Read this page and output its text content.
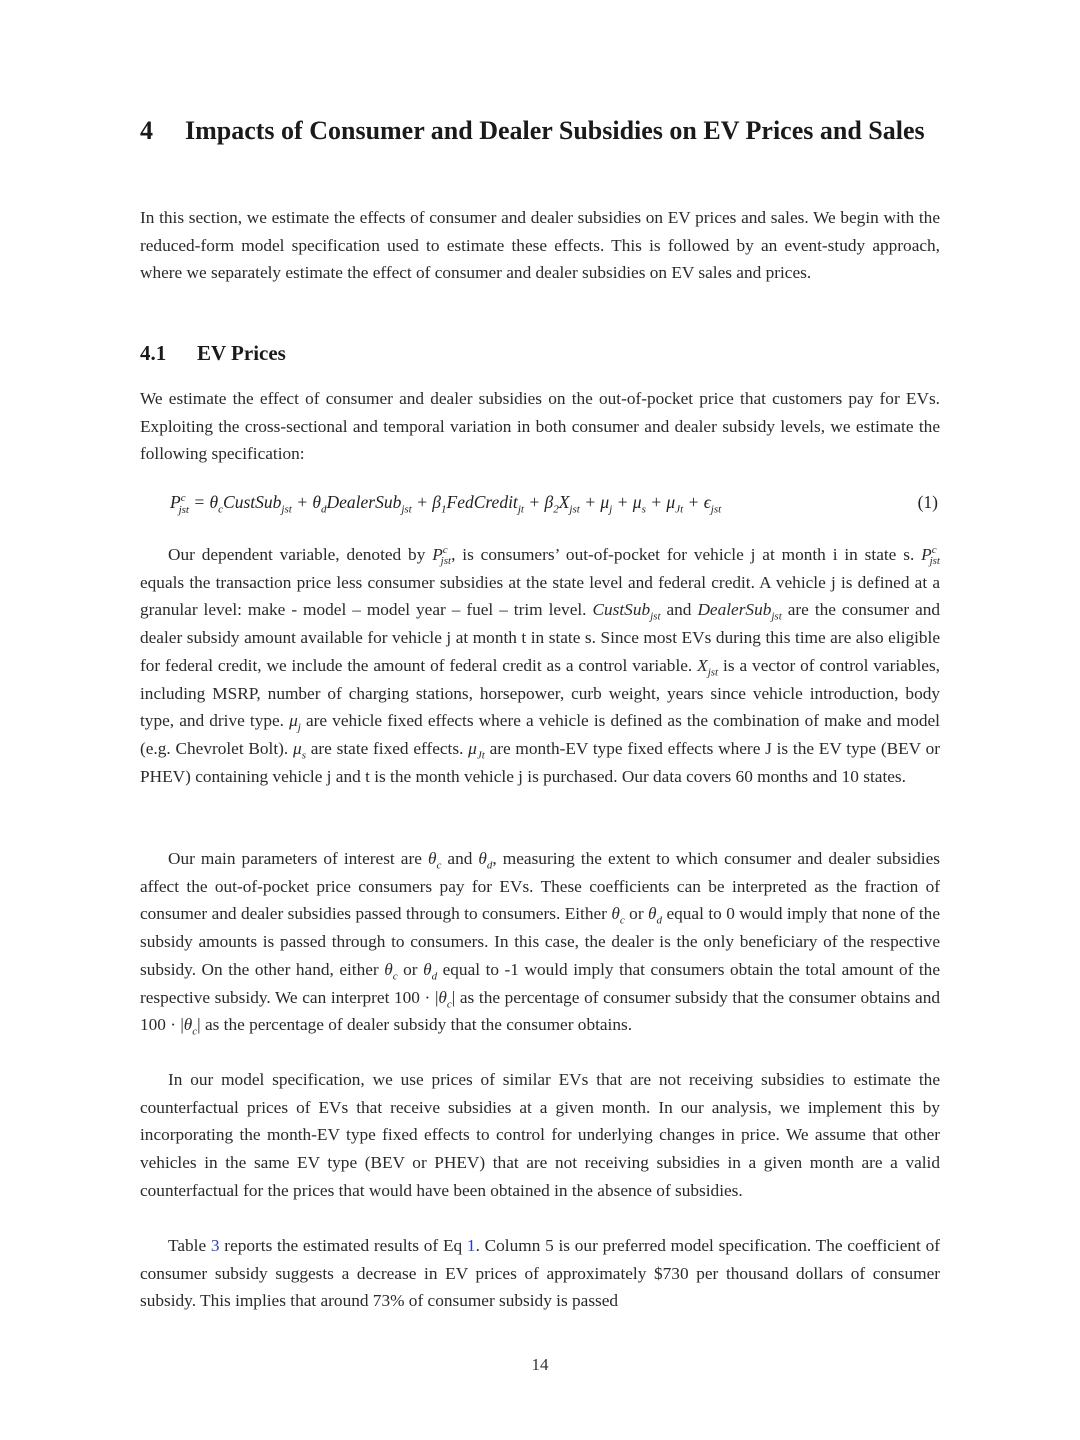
4 Impacts of Consumer and Dealer Subsidies on EV Prices and Sales

In this section, we estimate the effects of consumer and dealer subsidies on EV prices and sales. We begin with the reduced-form model specification used to estimate these effects. This is followed by an event-study approach, where we separately estimate the effect of consumer and dealer subsidies on EV sales and prices.

4.1 EV Prices

We estimate the effect of consumer and dealer subsidies on the out-of-pocket price that customers pay for EVs. Exploiting the cross-sectional and temporal variation in both consumer and dealer subsidy levels, we estimate the following specification:

$P^c_{jst}$ = $\theta_cCustSub_{jst}$ + $\theta_dDealerSub_{jst}$ + $\beta_1FedCredit_{jt} + \beta_2X_{jst} + \mu_j + \mu_s + \mu_{Jt} + \epsilon_{jst}$	(1)

Our dependent variable, denoted by $P^c_{jst}$, is consumers’ out-of-pocket for vehicle j at month i in state s. $P^c_{jst}$ equals the transaction price less consumer subsidies at the state level and federal credit. A vehicle j is defined at a granular level: make - model – model year – fuel – trim level. CustSub$_{jst}$ and DealerSub$_{jst}$ are the consumer and dealer subsidy amount available for vehicle j at month t in state s. Since most EVs during this time are also eligible for federal credit, we include the amount of federal credit as a control variable. $X_{jst}$ is a vector of control variables, including MSRP, number of charging stations, horsepower, curb weight, years since vehicle introduction, body type, and drive type. $\mu_j$ are vehicle fixed effects where a vehicle is defined as the combination of make and model (e.g. Chevrolet Bolt). $\mu_s$ are state fixed effects. $\mu_{Jt}$ are month-EV type fixed effects where J is the EV type (BEV or PHEV) containing vehicle j and t is the month vehicle j is purchased. Our data covers 60 months and 10 states.

Our main parameters of interest are $\theta_c$ and $\theta_d$, measuring the extent to which consumer and dealer subsidies affect the out-of-pocket price consumers pay for EVs. These coefficients can be interpreted as the fraction of consumer and dealer subsidies passed through to consumers. Either $\theta_c$ or $\theta_d$ equal to 0 would imply that none of the subsidy amounts is passed through to consumers. In this case, the dealer is the only beneficiary of the respective subsidy. On the other hand, either $\theta_c$ or $\theta_d$ equal to -1 would imply that consumers obtain the total amount of the respective subsidy. We can interpret $100 \cdot |\theta_c|$ as the percentage of consumer subsidy that the consumer obtains and $100 \cdot |\theta_c|$ as the percentage of dealer subsidy that the consumer obtains.

In our model specification, we use prices of similar EVs that are not receiving subsidies to estimate the counterfactual prices of EVs that receive subsidies at a given month. In our analysis, we implement this by incorporating the month-EV type fixed effects to control for underlying changes in price. We assume that other vehicles in the same EV type (BEV or PHEV) that are not receiving subsidies in a given month are a valid counterfactual for the prices that would have been obtained in the absence of subsidies.

Table 3 reports the estimated results of Eq 1. Column 5 is our preferred model specification. The coefficient of consumer subsidy suggests a decrease in EV prices of approximately $730 per thousand dollars of consumer subsidy. This implies that around 73% of consumer subsidy is passed

14
